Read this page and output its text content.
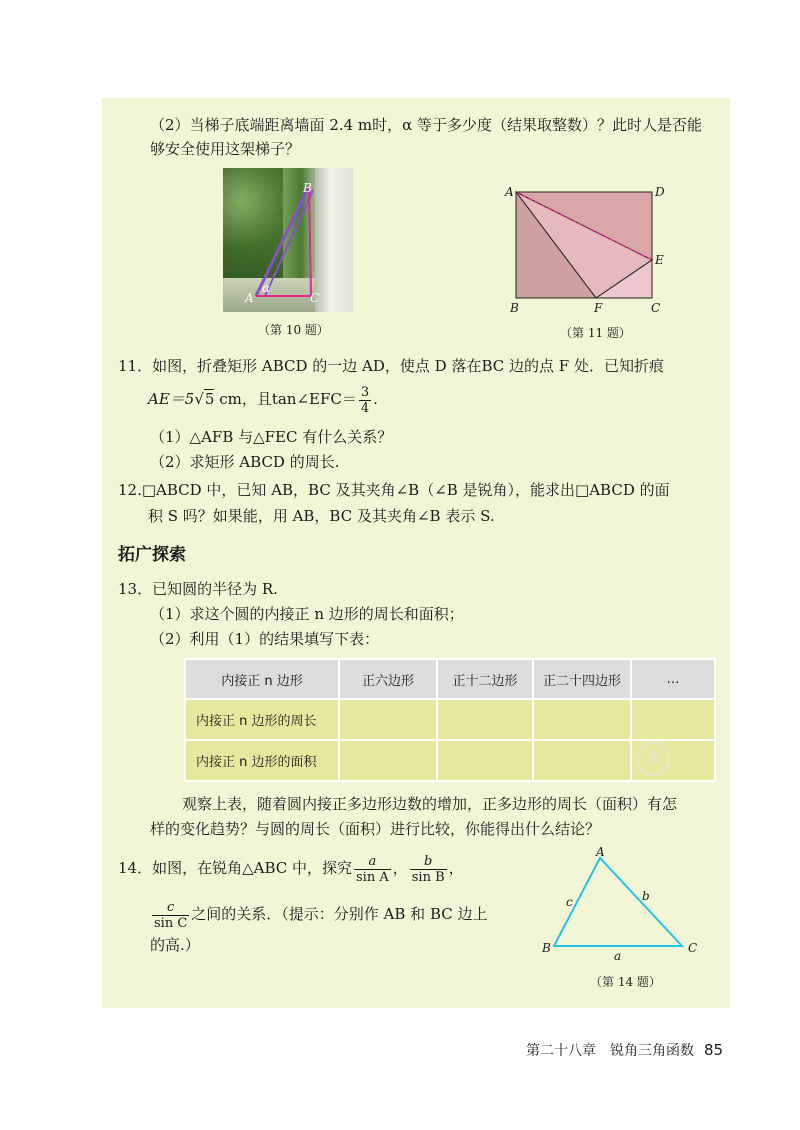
（2）当梯子底端距离墙面 2.4 m时，α 等于多少度（结果取整数）？此时人是否能
够安全使用这架梯子？
B
α
A	C
（第 10 题）
A	D
E
B	F	C
（第 11 题）
11．如图，折叠矩形 ABCD 的一边 AD，使点 D 落在BC 边的点 F 处．已知折痕
AE＝5√5 cm，且tan∠EFC＝ $\frac{3}{4}$ .
（1）△AFB 与△FEC 有什么关系？
（2）求矩形 ABCD 的周长.
12.□ABCD 中，已知 AB，BC 及其夹角∠B（∠B 是锐角），能求出□ABCD 的面
积 S 吗？如果能，用 AB，BC 及其夹角∠B 表示 S.
拓广探索
13．已知圆的半径为 R.
（1）求这个圆的内接正 n 边形的周长和面积；
（2）利用（1）的结果填写下表：
内接正 n 边形	正六边形	正十二边形	正二十四边形	…
内接正 n 边形的周长				
内接正 n 边形的面积					®
观察上表，随着圆内接正多边形边数的增加，正多边形的周长（面积）有怎
样的变化趋势？与圆的周长（面积）进行比较，你能得出什么结论？
14．如图，在锐角△ABC 中，探究 $\frac{a}{\text{sin A}}$ ， $\frac{b}{\text{sin B}}$ ，
$\frac{c}{\text{sin C}}$ 之间的关系．（提示：分别作 AB 和 BC 边上
的高.）
A
B	C
c	b
a
（第 14 题）
第二十八章　锐角三角函数 85
